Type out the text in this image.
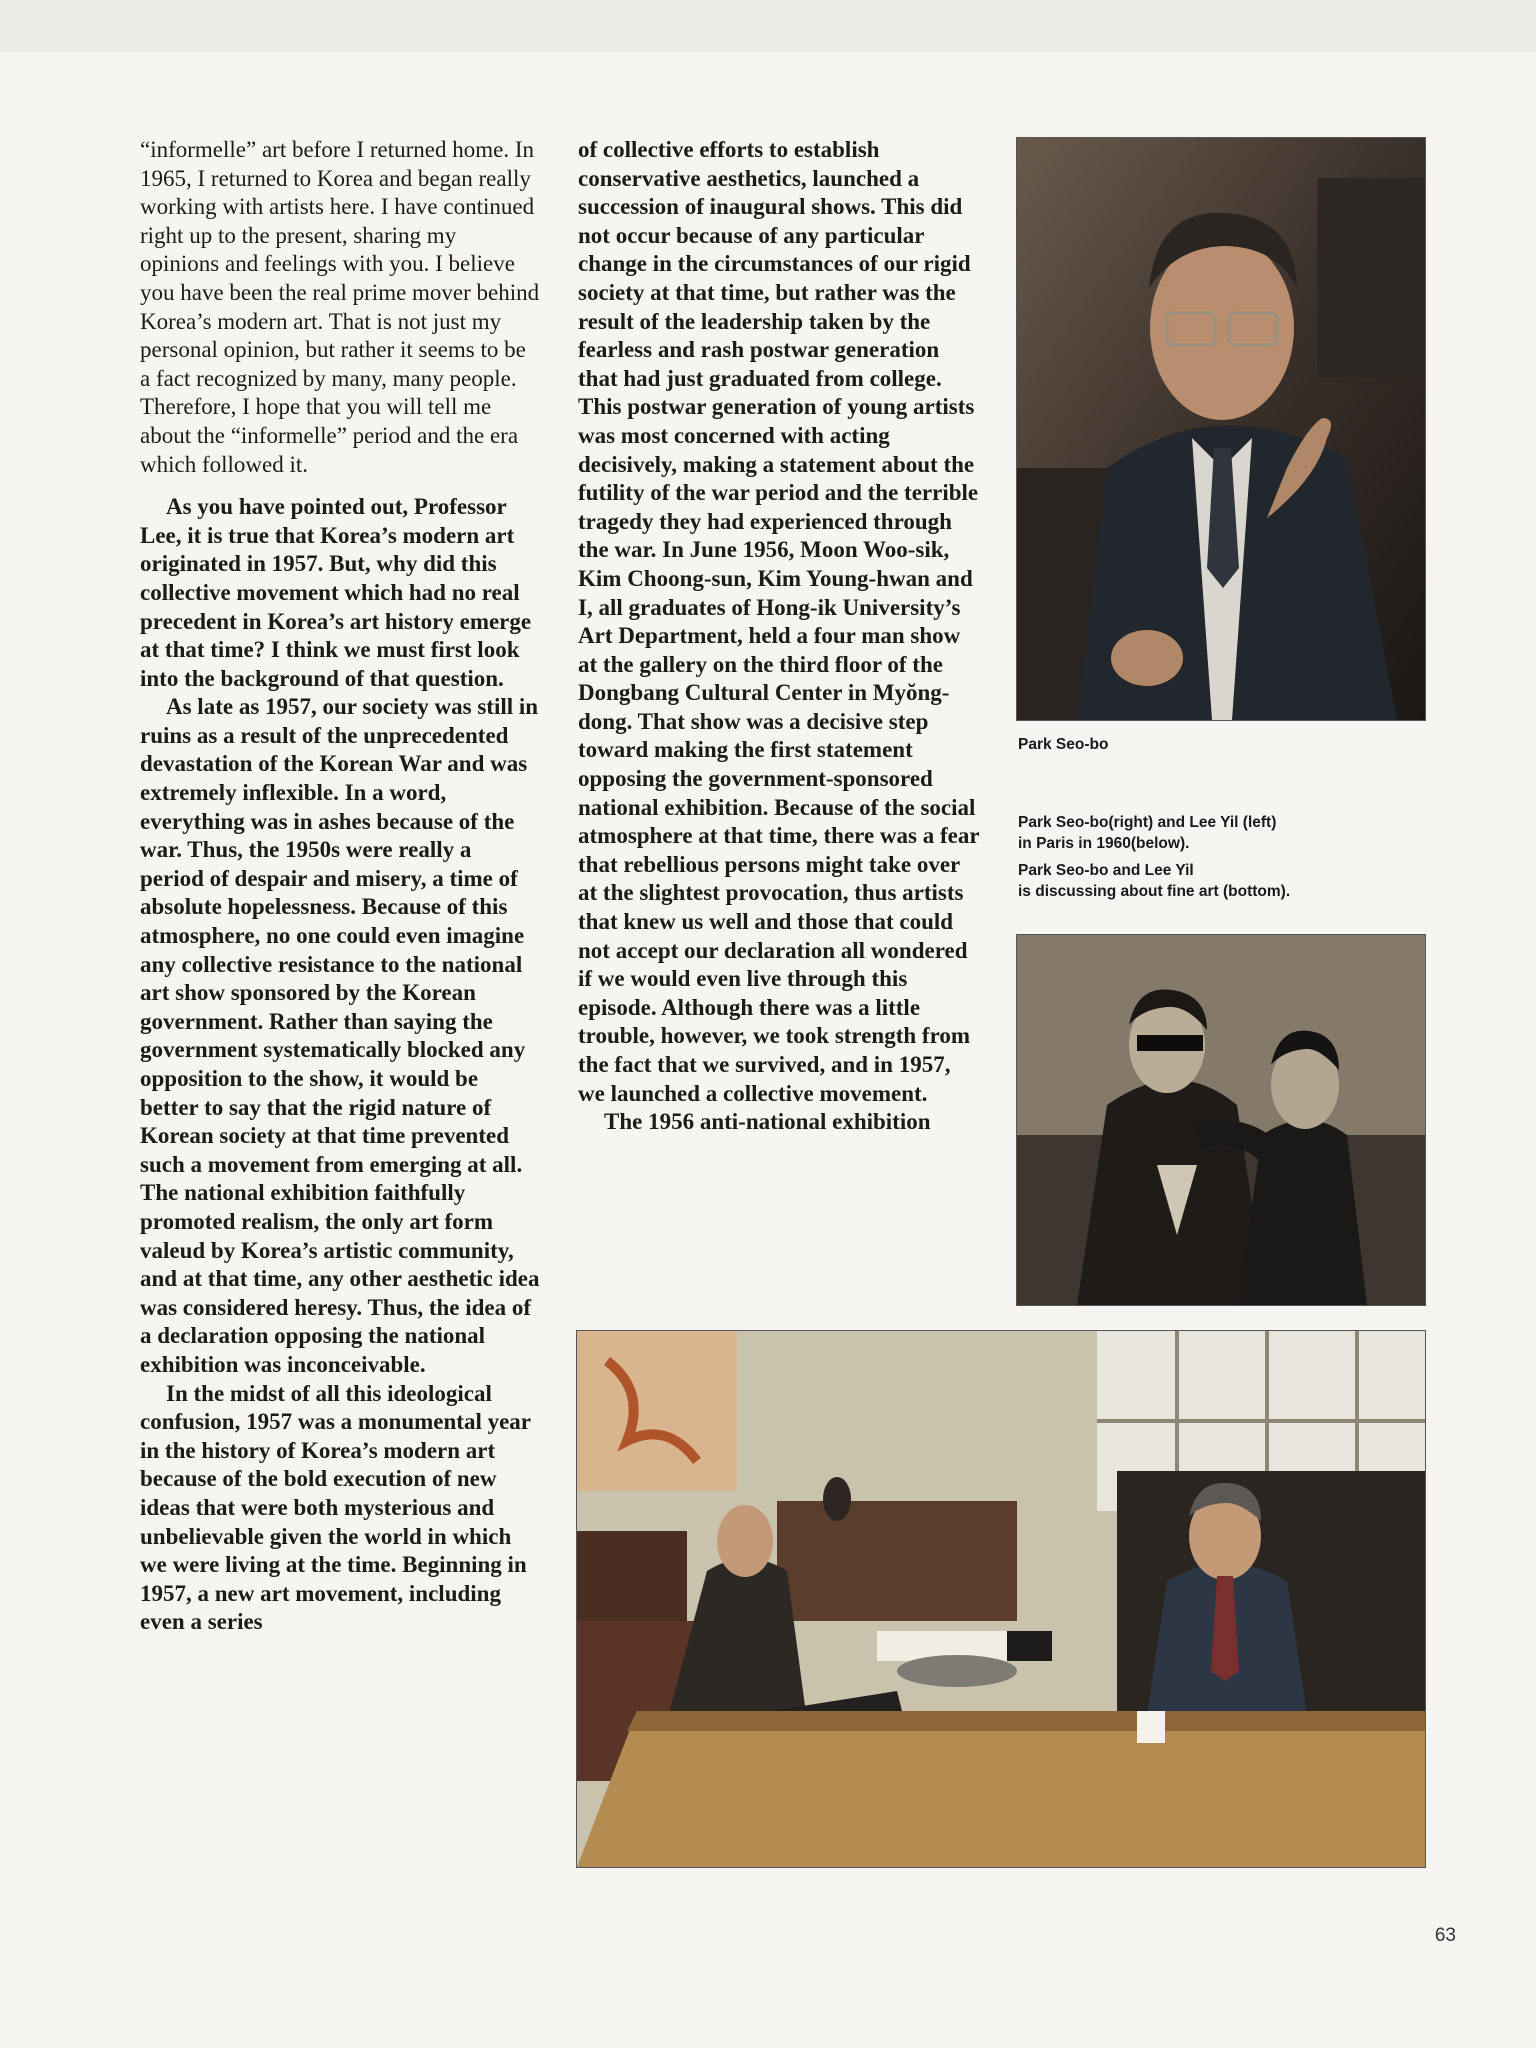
“informelle” art before I returned home. In 1965, I returned to Korea and began really working with artists here. I have continued right up to the present, sharing my opinions and feelings with you. I believe you have been the real prime mover behind Korea’s modern art. That is not just my personal opinion, but rather it seems to be a fact recognized by many, many people. Therefore, I hope that you will tell me about the “informelle” period and the era which followed it.

As you have pointed out, Professor Lee, it is true that Korea’s modern art originated in 1957. But, why did this collective movement which had no real precedent in Korea’s art history emerge at that time? I think we must first look into the background of that question.

As late as 1957, our society was still in ruins as a result of the unprecedented devastation of the Korean War and was extremely inflexible. In a word, everything was in ashes because of the war. Thus, the 1950s were really a period of despair and misery, a time of absolute hopelessness. Because of this atmosphere, no one could even imagine any collective resistance to the national art show sponsored by the Korean government. Rather than saying the government systematically blocked any opposition to the show, it would be better to say that the rigid nature of Korean society at that time prevented such a movement from emerging at all. The national exhibition faithfully promoted realism, the only art form valeud by Korea’s artistic community, and at that time, any other aesthetic idea was considered heresy. Thus, the idea of a declaration opposing the national exhibition was inconceivable.

In the midst of all this ideological confusion, 1957 was a monumental year in the history of Korea’s modern art because of the bold execution of new ideas that were both mysterious and unbelievable given the world in which we were living at the time. Beginning in 1957, a new art movement, including even a series

of collective efforts to establish conservative aesthetics, launched a succession of inaugural shows. This did not occur because of any particular change in the circumstances of our rigid society at that time, but rather was the result of the leadership taken by the fearless and rash postwar generation that had just graduated from college. This postwar generation of young artists was most concerned with acting decisively, making a statement about the futility of the war period and the terrible tragedy they had experienced through the war. In June 1956, Moon Woo-sik, Kim Choong-sun, Kim Young-hwan and I, all graduates of Hong-ik University’s Art Department, held a four man show at the gallery on the third floor of the Dongbang Cultural Center in Myŏng-dong. That show was a decisive step toward making the first statement opposing the government-sponsored national exhibition. Because of the social atmosphere at that time, there was a fear that rebellious persons might take over at the slightest provocation, thus artists that knew us well and those that could not accept our declaration all wondered if we would even live through this episode. Although there was a little trouble, however, we took strength from the fact that we survived, and in 1957, we launched a collective movement.

The 1956 anti-national exhibition

Park Seo-bo
Park Seo-bo(right) and Lee Yil (left)
in Paris in 1960(below).
Park Seo-bo and Lee Yil
is discussing about fine art (bottom).
63
